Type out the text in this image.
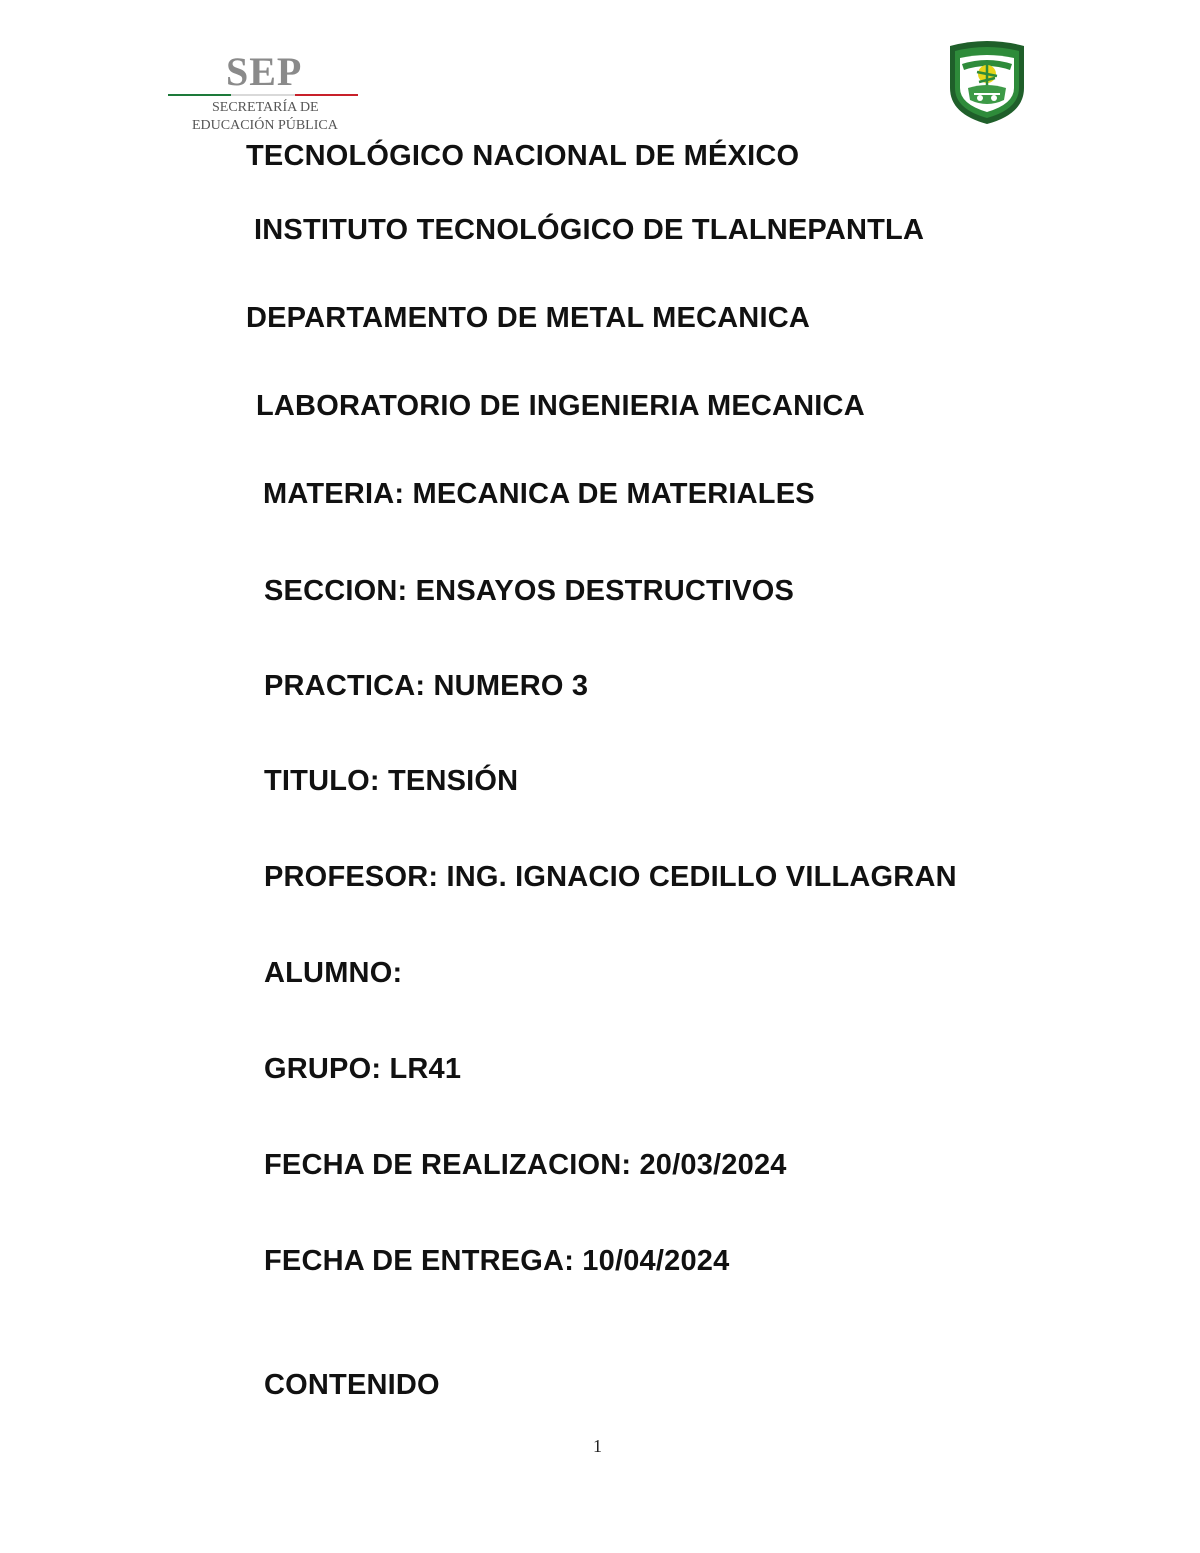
SEP
SECRETARÍA DE
EDUCACIÓN PÚBLICA
TECNOLÓGICO NACIONAL DE MÉXICO
INSTITUTO TECNOLÓGICO DE TLALNEPANTLA
DEPARTAMENTO DE METAL MECANICA
LABORATORIO DE INGENIERIA MECANICA
MATERIA: MECANICA DE MATERIALES
SECCION: ENSAYOS DESTRUCTIVOS
PRACTICA: NUMERO 3
TITULO: TENSIÓN
PROFESOR: ING. IGNACIO CEDILLO VILLAGRAN
ALUMNO:
GRUPO: LR41
FECHA DE REALIZACION: 20/03/2024
FECHA DE ENTREGA: 10/04/2024
CONTENIDO
1
